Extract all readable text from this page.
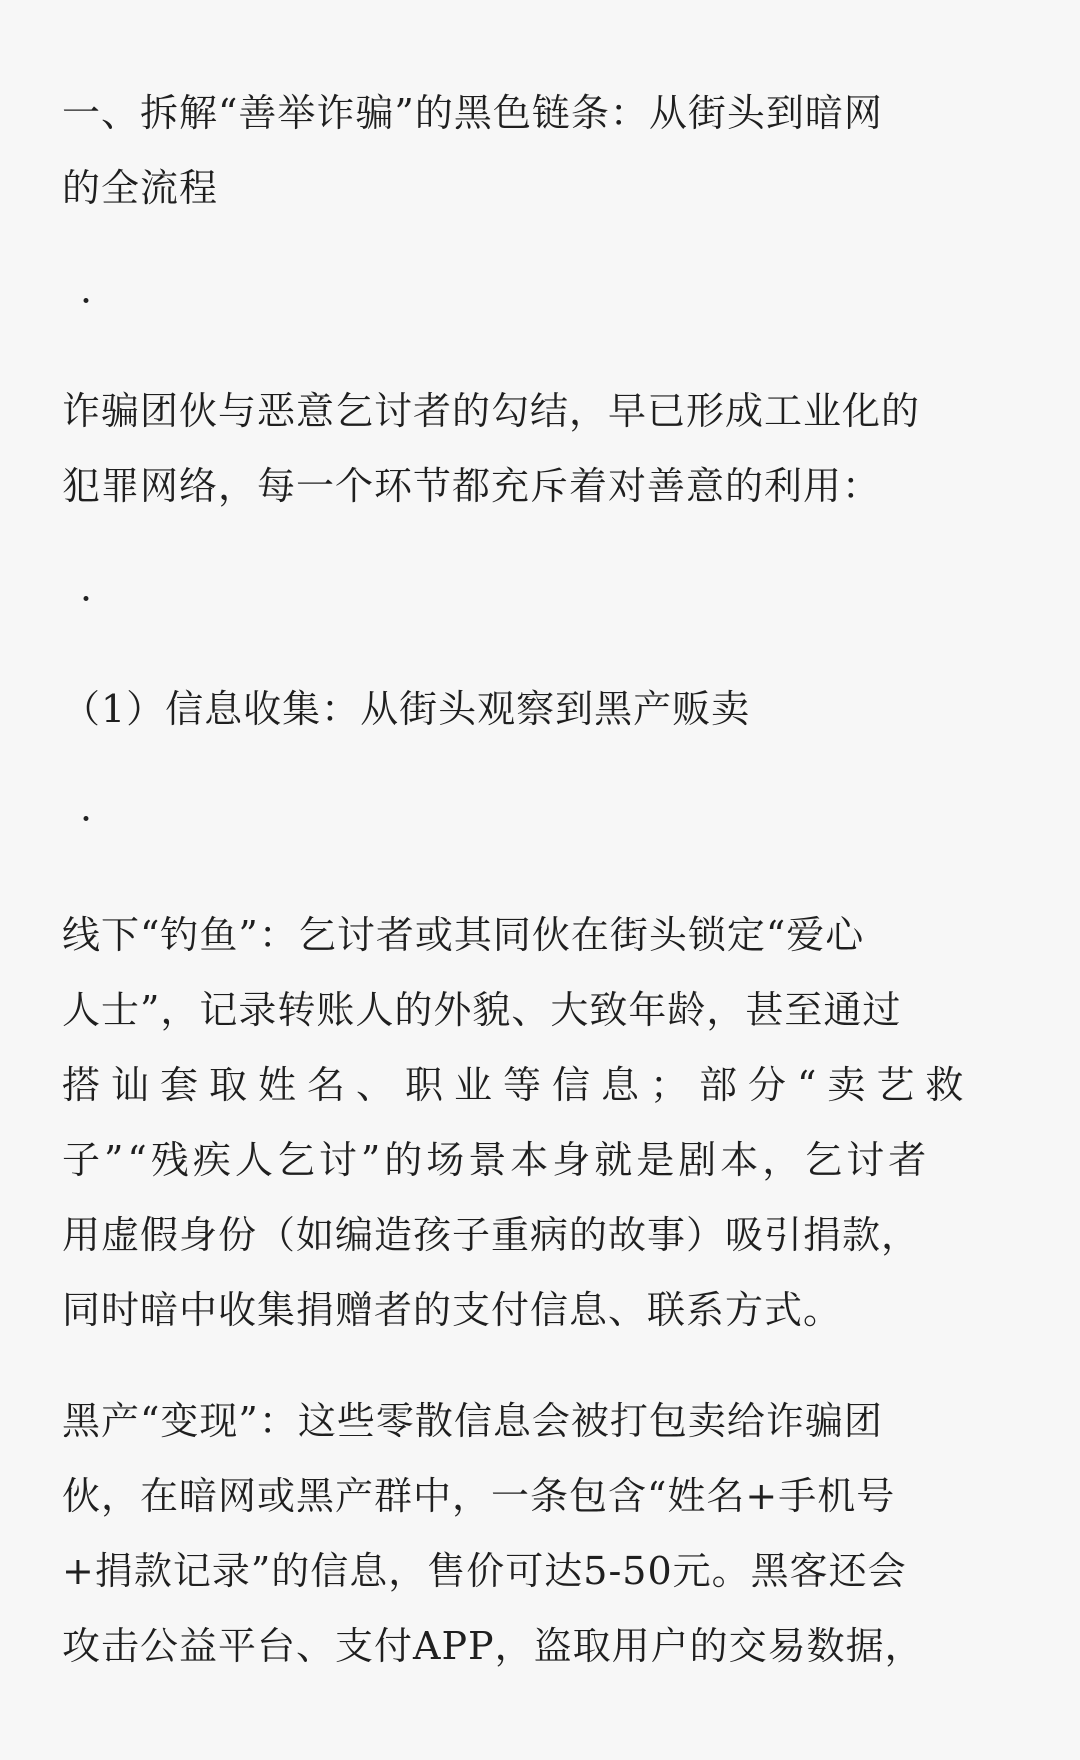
一、拆解“善举诈骗”的黑色链条：从街头到暗网
的全流程
·
诈骗团伙与恶意乞讨者的勾结，早已形成工业化的
犯罪网络，每一个环节都充斥着对善意的利用：
·
（1）信息收集：从街头观察到黑产贩卖
·
线下“钓鱼”：乞讨者或其同伙在街头锁定“爱心
人士”，记录转账人的外貌、大致年龄，甚至通过
搭讪套取姓名、职业等信息；部分“卖艺救
子”“残疾人乞讨”的场景本身就是剧本，乞讨者
用虚假身份（如编造孩子重病的故事）吸引捐款，
同时暗中收集捐赠者的支付信息、联系方式。
黑产“变现”：这些零散信息会被打包卖给诈骗团
伙，在暗网或黑产群中，一条包含“姓名+手机号
+捐款记录”的信息，售价可达5-50元。黑客还会
攻击公益平台、支付APP，盗取用户的交易数据，
